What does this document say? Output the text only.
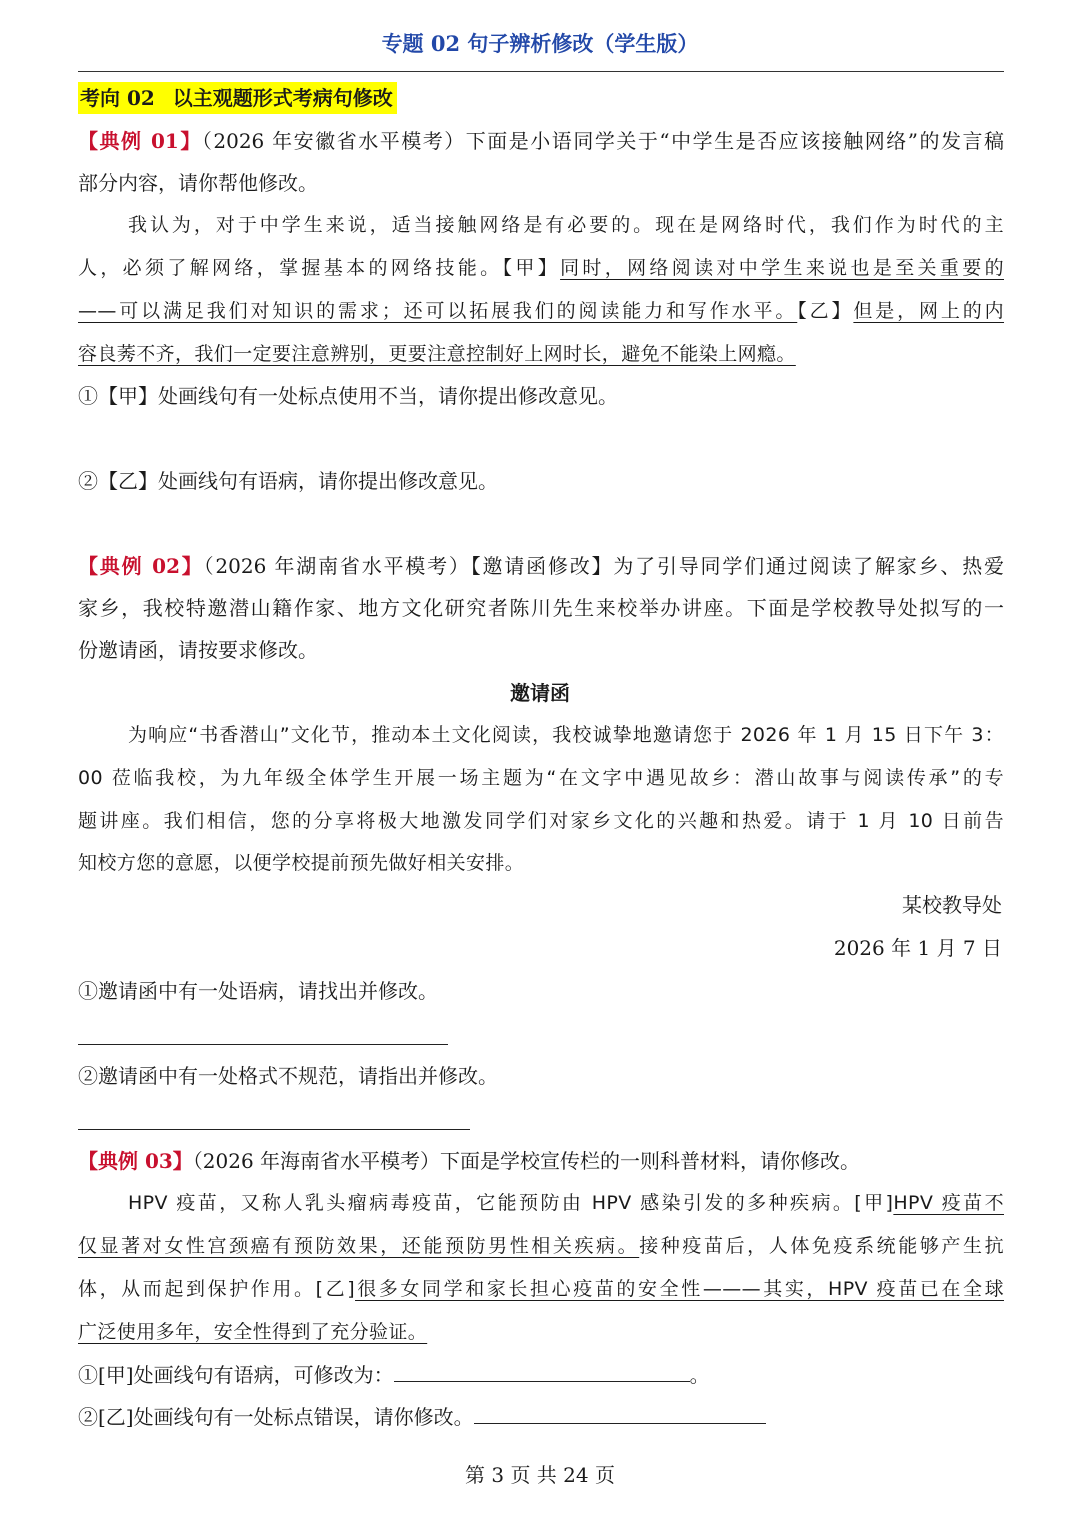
专题 02 句子辨析修改（学生版）
考向 02 以主观题形式考病句修改
【典例 01】（2026 年安徽省水平模考）下面是小语同学关于“中学生是否应该接触网络”的发言稿
部分内容，请你帮他修改。
我认为，对于中学生来说，适当接触网络是有必要的。现在是网络时代，我们作为时代的主
人，必须了解网络，掌握基本的网络技能。【甲】同时，网络阅读对中学生来说也是至关重要的
——可以满足我们对知识的需求；还可以拓展我们的阅读能力和写作水平。【乙】但是，网上的内
容良莠不齐，我们一定要注意辨别，更要注意控制好上网时长，避免不能染上网瘾。
①【甲】处画线句有一处标点使用不当，请你提出修改意见。
②【乙】处画线句有语病，请你提出修改意见。
【典例 02】（2026 年湖南省水平模考）【邀请函修改】为了引导同学们通过阅读了解家乡、热爱
家乡，我校特邀潜山籍作家、地方文化研究者陈川先生来校举办讲座。下面是学校教导处拟写的一
份邀请函，请按要求修改。
邀请函
为响应“书香潜山”文化节，推动本土文化阅读，我校诚挚地邀请您于 2026 年 1 月 15 日下午 3：
00 莅临我校，为九年级全体学生开展一场主题为“在文字中遇见故乡：潜山故事与阅读传承”的专
题讲座。我们相信，您的分享将极大地激发同学们对家乡文化的兴趣和热爱。请于 1 月 10 日前告
知校方您的意愿，以便学校提前预先做好相关安排。
某校教导处
2026 年 1 月 7 日
①邀请函中有一处语病，请找出并修改。
②邀请函中有一处格式不规范，请指出并修改。
【典例 03】（2026 年海南省水平模考）下面是学校宣传栏的一则科普材料，请你修改。
HPV 疫苗，又称人乳头瘤病毒疫苗，它能预防由 HPV 感染引发的多种疾病。[甲]HPV 疫苗不
仅显著对女性宫颈癌有预防效果，还能预防男性相关疾病。接种疫苗后，人体免疫系统能够产生抗
体，从而起到保护作用。[乙]很多女同学和家长担心疫苗的安全性———其实，HPV 疫苗已在全球
广泛使用多年，安全性得到了充分验证。
①[甲]处画线句有语病，可修改为：	。
②[乙]处画线句有一处标点错误，请你修改。
第 3 页 共 24 页
